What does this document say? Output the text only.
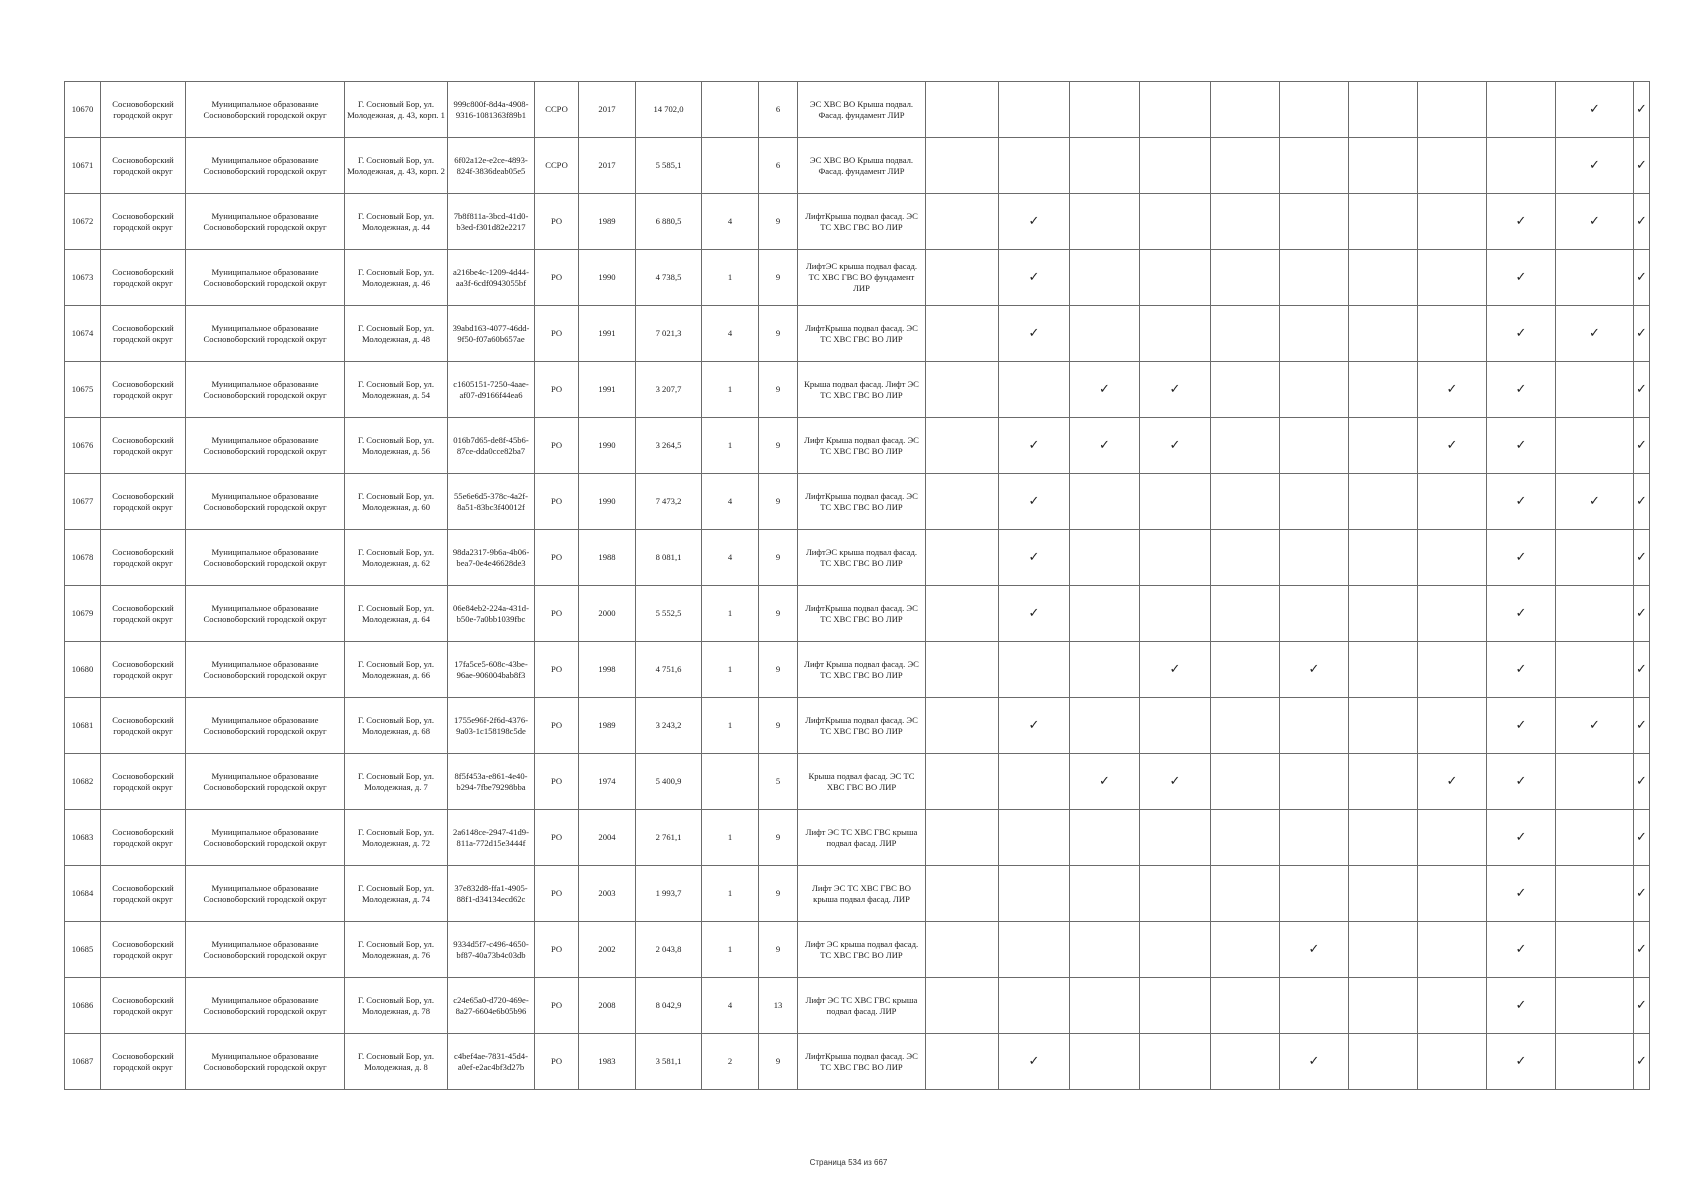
10670	Сосновоборский городской округ	Муниципальное образование Сосновоборский городской округ	Г. Сосновый Бор, ул. Молодежная, д. 43, корп. 1	999c800f-8d4a-4908-9316-1081363f89b1	ССРО	2017	14 702,0		6	ЭС ХВС ВО Крыша подвал. Фасад. фундамент ЛИР										✓	✓
10671	Сосновоборский городской округ	Муниципальное образование Сосновоборский городской округ	Г. Сосновый Бор, ул. Молодежная, д. 43, корп. 2	6f02a12e-e2ce-4893-824f-3836deab05e5	ССРО	2017	5 585,1		6	ЭС ХВС ВО Крыша подвал. Фасад. фундамент ЛИР										✓	✓
10672	Сосновоборский городской округ	Муниципальное образование Сосновоборский городской округ	Г. Сосновый Бор, ул. Молодежная, д. 44	7b8f811a-3bcd-41d0-b3ed-f301d82e2217	РО	1989	6 880,5	4	9	ЛифтКрыша подвал фасад. ЭС ТС ХВС ГВС ВО ЛИР		✓							✓	✓	✓
10673	Сосновоборский городской округ	Муниципальное образование Сосновоборский городской округ	Г. Сосновый Бор, ул. Молодежная, д. 46	a216be4c-1209-4d44-aa3f-6cdf0943055bf	РО	1990	4 738,5	1	9	ЛифтЭС крыша подвал фасад. ТС ХВС ГВС ВО фундамент ЛИР		✓							✓		✓
10674	Сосновоборский городской округ	Муниципальное образование Сосновоборский городской округ	Г. Сосновый Бор, ул. Молодежная, д. 48	39abd163-4077-46dd-9f50-f07a60b657ae	РО	1991	7 021,3	4	9	ЛифтКрыша подвал фасад. ЭС ТС ХВС ГВС ВО ЛИР		✓							✓	✓	✓
10675	Сосновоборский городской округ	Муниципальное образование Сосновоборский городской округ	Г. Сосновый Бор, ул. Молодежная, д. 54	c1605151-7250-4aae-af07-d9166f44ea6	РО	1991	3 207,7	1	9	Крыша подвал фасад. Лифт ЭС ТС ХВС ГВС ВО ЛИР			✓	✓				✓	✓		✓
10676	Сосновоборский городской округ	Муниципальное образование Сосновоборский городской округ	Г. Сосновый Бор, ул. Молодежная, д. 56	016b7d65-de8f-45b6-87ce-dda0cce82ba7	РО	1990	3 264,5	1	9	Лифт Крыша подвал фасад. ЭС ТС ХВС ГВС ВО ЛИР		✓	✓	✓				✓	✓		✓
10677	Сосновоборский городской округ	Муниципальное образование Сосновоборский городской округ	Г. Сосновый Бор, ул. Молодежная, д. 60	55e6e6d5-378c-4a2f-8a51-83bc3f40012f	РО	1990	7 473,2	4	9	ЛифтКрыша подвал фасад. ЭС ТС ХВС ГВС ВО ЛИР		✓							✓	✓	✓
10678	Сосновоборский городской округ	Муниципальное образование Сосновоборский городской округ	Г. Сосновый Бор, ул. Молодежная, д. 62	98da2317-9b6a-4b06-bea7-0e4e46628de3	РО	1988	8 081,1	4	9	ЛифтЭС крыша подвал фасад. ТС ХВС ГВС ВО ЛИР		✓							✓		✓
10679	Сосновоборский городской округ	Муниципальное образование Сосновоборский городской округ	Г. Сосновый Бор, ул. Молодежная, д. 64	06e84eb2-224a-431d-b50e-7a0bb1039fbc	РО	2000	5 552,5	1	9	ЛифтКрыша подвал фасад. ЭС ТС ХВС ГВС ВО ЛИР		✓							✓		✓
10680	Сосновоборский городской округ	Муниципальное образование Сосновоборский городской округ	Г. Сосновый Бор, ул. Молодежная, д. 66	17fa5ce5-608c-43be-96ae-906004bab8f3	РО	1998	4 751,6	1	9	Лифт Крыша подвал фасад. ЭС ТС ХВС ГВС ВО ЛИР				✓		✓			✓		✓
10681	Сосновоборский городской округ	Муниципальное образование Сосновоборский городской округ	Г. Сосновый Бор, ул. Молодежная, д. 68	1755e96f-2f6d-4376-9a03-1c158198c5de	РО	1989	3 243,2	1	9	ЛифтКрыша подвал фасад. ЭС ТС ХВС ГВС ВО ЛИР		✓							✓	✓	✓
10682	Сосновоборский городской округ	Муниципальное образование Сосновоборский городской округ	Г. Сосновый Бор, ул. Молодежная, д. 7	8f5f453a-e861-4e40-b294-7fbe79298bba	РО	1974	5 400,9		5	Крыша подвал фасад. ЭС ТС ХВС ГВС ВО ЛИР			✓	✓				✓	✓		✓
10683	Сосновоборский городской округ	Муниципальное образование Сосновоборский городской округ	Г. Сосновый Бор, ул. Молодежная, д. 72	2a6148ce-2947-41d9-811a-772d15e3444f	РО	2004	2 761,1	1	9	Лифт ЭС ТС ХВС ГВС крыша подвал фасад. ЛИР									✓		✓
10684	Сосновоборский городской округ	Муниципальное образование Сосновоборский городской округ	Г. Сосновый Бор, ул. Молодежная, д. 74	37e832d8-ffa1-4905-88f1-d34134ecd62c	РО	2003	1 993,7	1	9	Лифт ЭС ТС ХВС ГВС ВО крыша подвал фасад. ЛИР									✓		✓
10685	Сосновоборский городской округ	Муниципальное образование Сосновоборский городской округ	Г. Сосновый Бор, ул. Молодежная, д. 76	9334d5f7-c496-4650-bf87-40a73b4c03db	РО	2002	2 043,8	1	9	Лифт ЭС крыша подвал фасад. ТС ХВС ГВС ВО ЛИР						✓			✓		✓
10686	Сосновоборский городской округ	Муниципальное образование Сосновоборский городской округ	Г. Сосновый Бор, ул. Молодежная, д. 78	c24e65a0-d720-469e-8a27-6604e6b05b96	РО	2008	8 042,9	4	13	Лифт ЭС ТС ХВС ГВС крыша подвал фасад. ЛИР									✓		✓
10687	Сосновоборский городской округ	Муниципальное образование Сосновоборский городской округ	Г. Сосновый Бор, ул. Молодежная, д. 8	c4bef4ae-7831-45d4-a0ef-e2ac4bf3d27b	РО	1983	3 581,1	2	9	ЛифтКрыша подвал фасад. ЭС ТС ХВС ГВС ВО ЛИР		✓				✓			✓		✓
Страница 534 из 667
